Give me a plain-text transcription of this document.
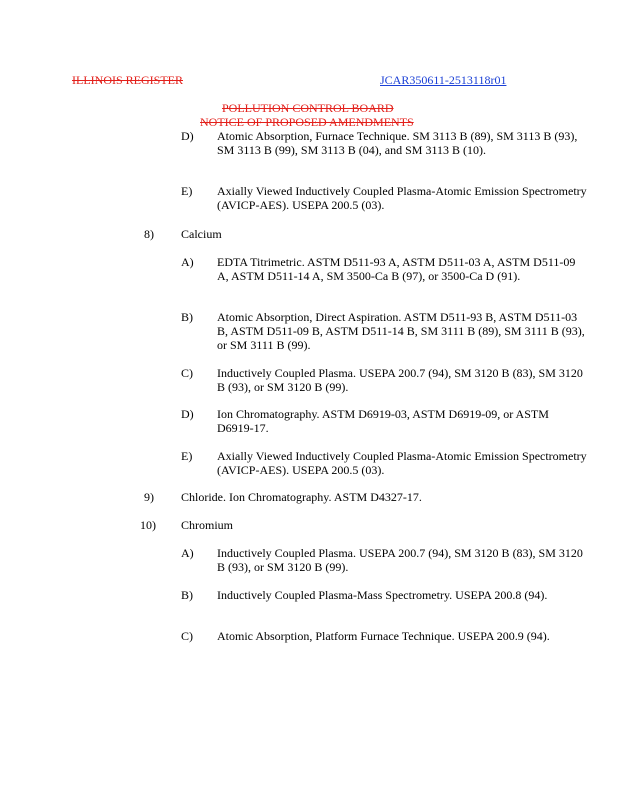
ILLINOIS REGISTER	JCAR350611-2513118r01
POLLUTION CONTROL BOARD
NOTICE OF PROPOSED AMENDMENTS
D) Atomic Absorption, Furnace Technique. SM 3113 B (89), SM 3113 B (93), SM 3113 B (99), SM 3113 B (04), and SM 3113 B (10).
E) Axially Viewed Inductively Coupled Plasma-Atomic Emission Spectrometry (AVICP-AES). USEPA 200.5 (03).
8) Calcium
A) EDTA Titrimetric. ASTM D511-93 A, ASTM D511-03 A, ASTM D511-09 A, ASTM D511-14 A, SM 3500-Ca B (97), or 3500-Ca D (91).
B) Atomic Absorption, Direct Aspiration. ASTM D511-93 B, ASTM D511-03 B, ASTM D511-09 B, ASTM D511-14 B, SM 3111 B (89), SM 3111 B (93), or SM 3111 B (99).
C) Inductively Coupled Plasma. USEPA 200.7 (94), SM 3120 B (83), SM 3120 B (93), or SM 3120 B (99).
D) Ion Chromatography. ASTM D6919-03, ASTM D6919-09, or ASTM D6919-17.
E) Axially Viewed Inductively Coupled Plasma-Atomic Emission Spectrometry (AVICP-AES). USEPA 200.5 (03).
9) Chloride. Ion Chromatography. ASTM D4327-17.
10) Chromium
A) Inductively Coupled Plasma. USEPA 200.7 (94), SM 3120 B (83), SM 3120 B (93), or SM 3120 B (99).
B) Inductively Coupled Plasma-Mass Spectrometry. USEPA 200.8 (94).
C) Atomic Absorption, Platform Furnace Technique. USEPA 200.9 (94).
